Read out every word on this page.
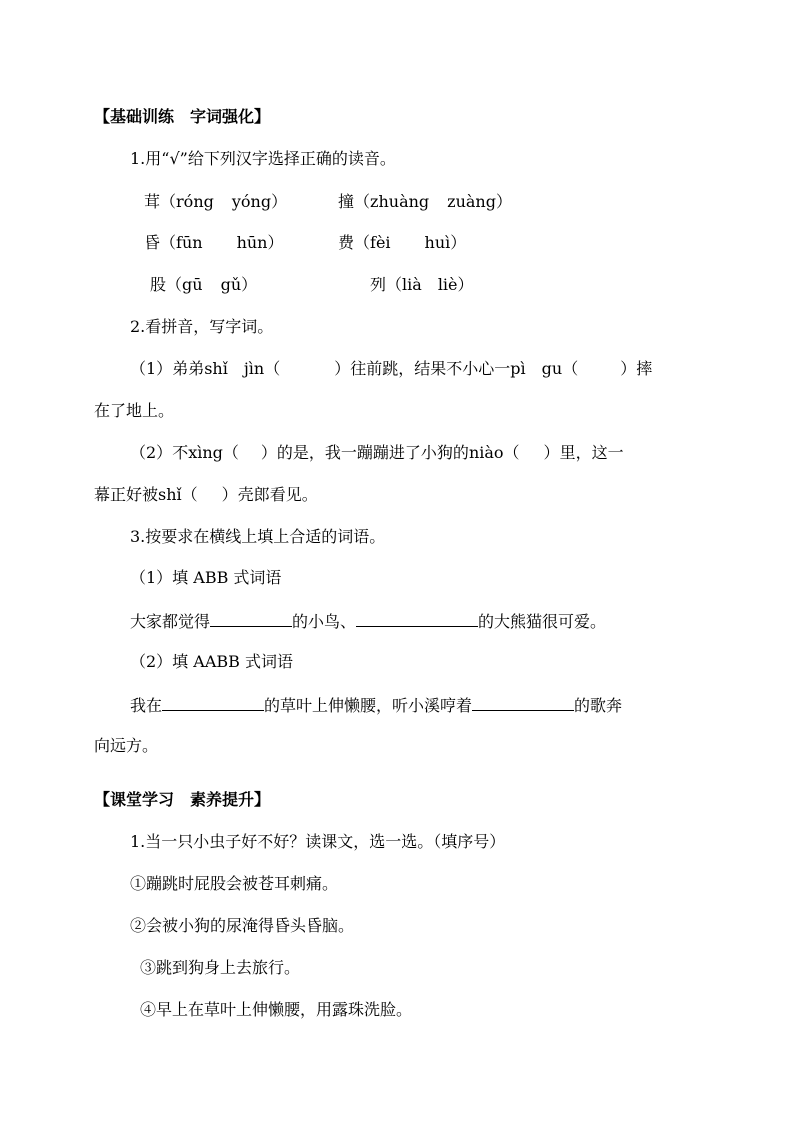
【基础训练　字词强化】
1.用“√”给下列汉字选择正确的读音。
茸（róng yóng）	撞（zhuàng zuàng）
昏（fūn hūn）	费（fèi huì）
股（gū gǔ）	列（lià liè）
2.看拼音，写字词。
（1）弟弟shǐ　jìn（	）往前跳，结果不小心一pì　gu（	）摔
在了地上。
（2）不xìng（ ）的是，我一蹦蹦进了小狗的niào（ ）里，这一
幕正好被shǐ（ ）壳郎看见。
3.按要求在横线上填上合适的词语。
（1）填 ABB 式词语
大家都觉得	的小鸟、	的大熊猫很可爱。
（2）填 AABB 式词语
我在	的草叶上伸懒腰，听小溪哼着	的歌奔
向远方。
【课堂学习　素养提升】
1.当一只小虫子好不好？读课文，选一选。（填序号）
①蹦跳时屁股会被苍耳刺痛。
②会被小狗的尿淹得昏头昏脑。
③跳到狗身上去旅行。
④早上在草叶上伸懒腰，用露珠洗脸。
